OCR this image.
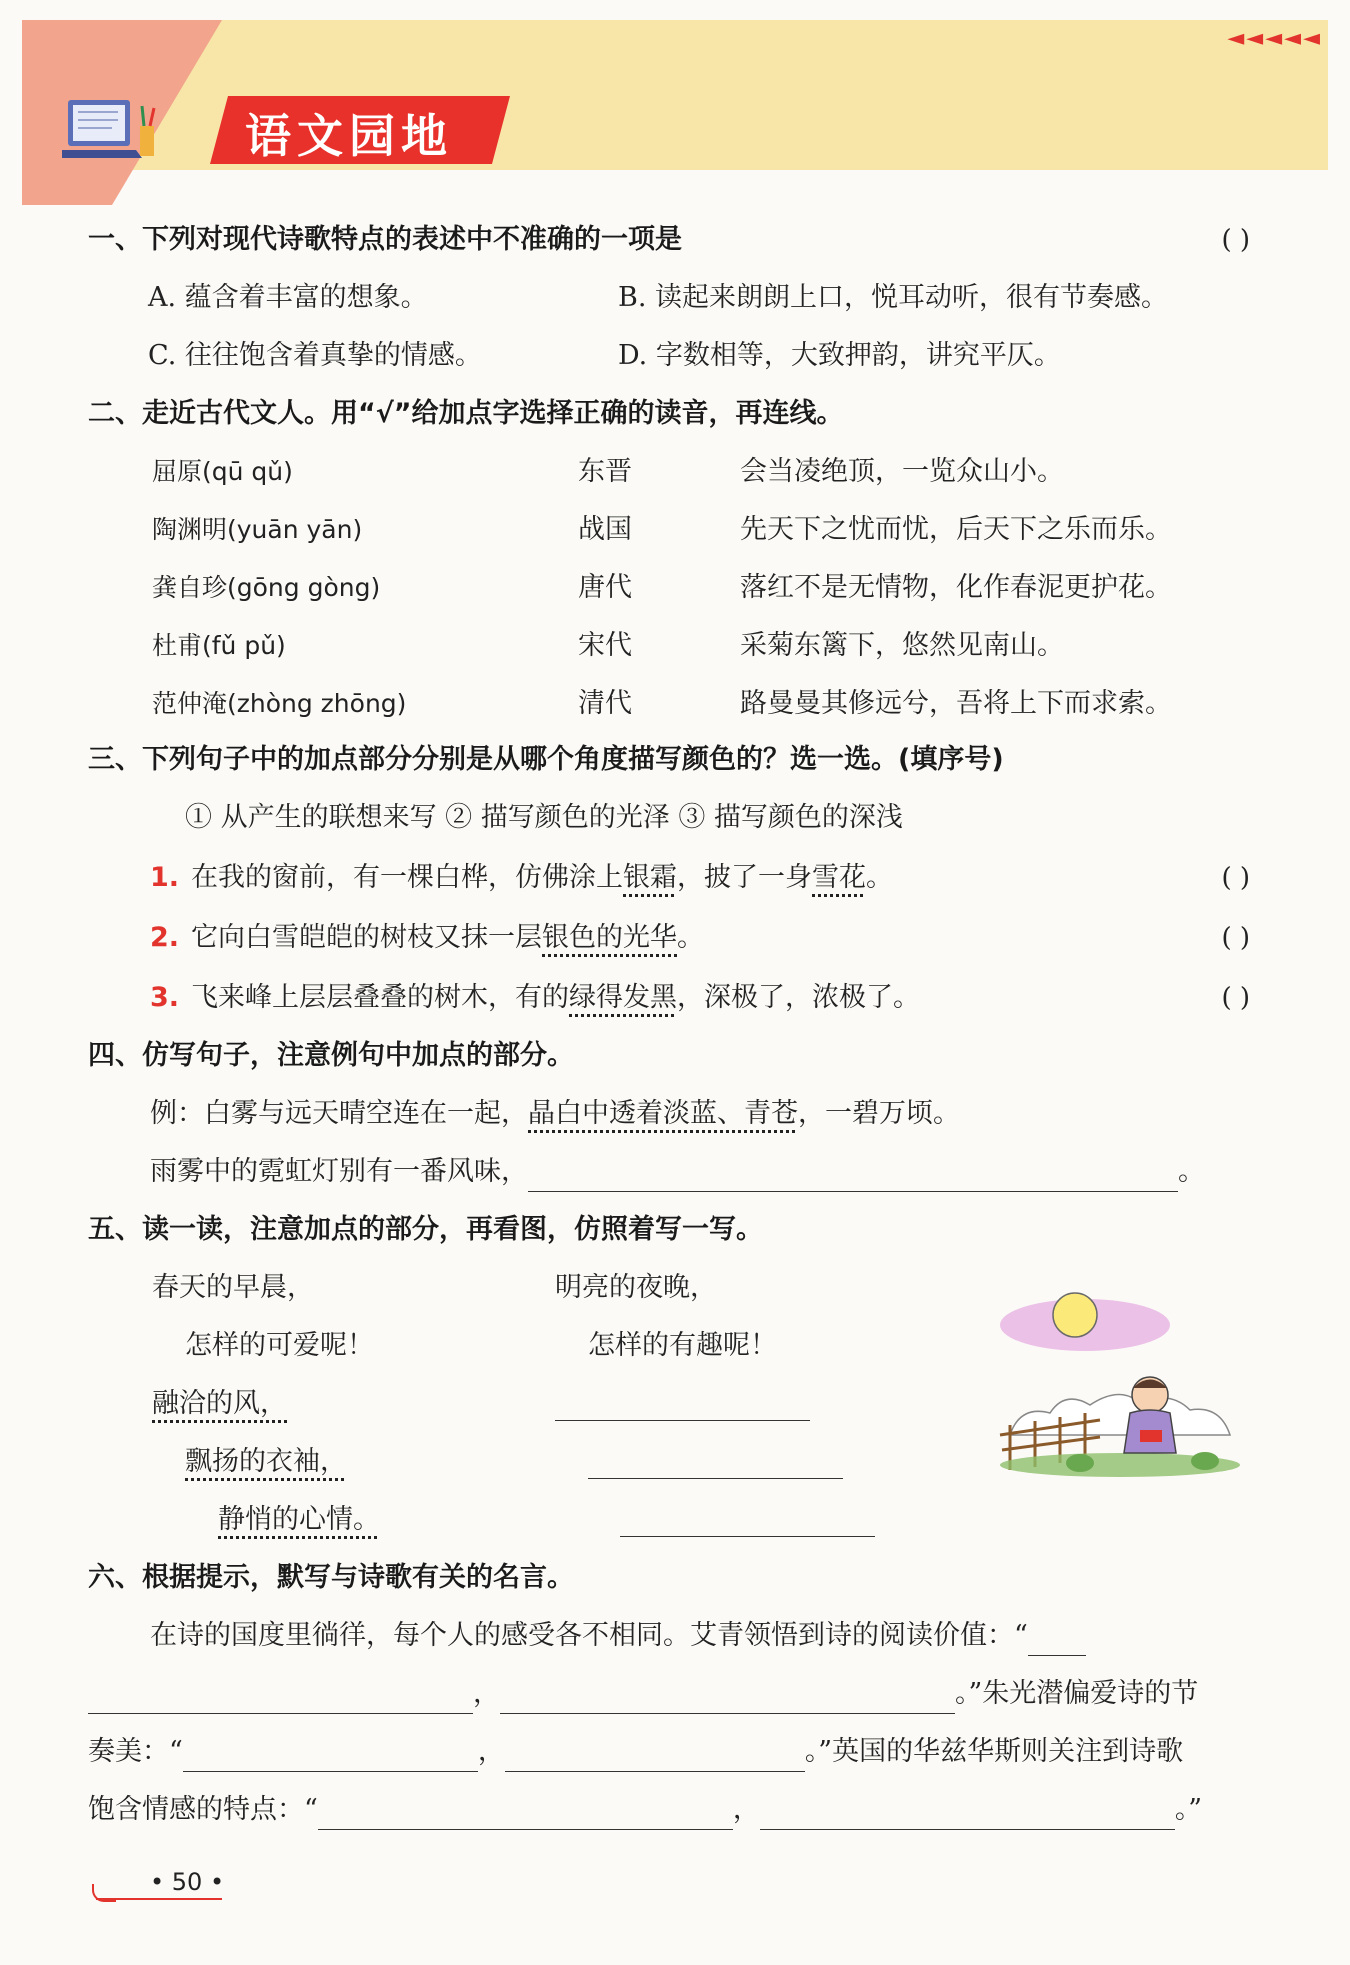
◄◄◄◄◄
语文园地
一、下列对现代诗歌特点的表述中不准确的一项是	( )
A. 蕴含着丰富的想象。	B. 读起来朗朗上口，悦耳动听，很有节奏感。
C. 往往饱含着真挚的情感。	D. 字数相等，大致押韵，讲究平仄。
二、走近古代文人。用“√”给加点字选择正确的读音，再连线。
屈原(qū qǔ)	东晋	会当凌绝顶，一览众山小。
陶渊明(yuān yān)	战国	先天下之忧而忧，后天下之乐而乐。
龚自珍(gōng gòng)	唐代	落红不是无情物，化作春泥更护花。
杜甫(fǔ pǔ)	宋代	采菊东篱下，悠然见南山。
范仲淹(zhòng zhōng)	清代	路曼曼其修远兮，吾将上下而求索。
三、下列句子中的加点部分分别是从哪个角度描写颜色的？选一选。(填序号)
① 从产生的联想来写 ② 描写颜色的光泽 ③ 描写颜色的深浅
1. 在我的窗前，有一棵白桦，仿佛涂上银霜，披了一身雪花。	( )
2. 它向白雪皑皑的树枝又抹一层银色的光华。	( )
3. 飞来峰上层层叠叠的树木，有的绿得发黑，深极了，浓极了。	( )
四、仿写句子，注意例句中加点的部分。
例：白雾与远天晴空连在一起，晶白中透着淡蓝、青苍，一碧万顷。
雨雾中的霓虹灯别有一番风味，	。
五、读一读，注意加点的部分，再看图，仿照着写一写。
春天的早晨，
怎样的可爱呢！
融洽的风，
飘扬的衣袖，
静悄的心情。
明亮的夜晚，
怎样的有趣呢！
六、根据提示，默写与诗歌有关的名言。
在诗的国度里徜徉，每个人的感受各不相同。艾青领悟到诗的阅读价值：“
，	。”朱光潜偏爱诗的节
奏美：“	，	。”英国的华兹华斯则关注到诗歌
饱含情感的特点：“	，	。”
• 50 •
